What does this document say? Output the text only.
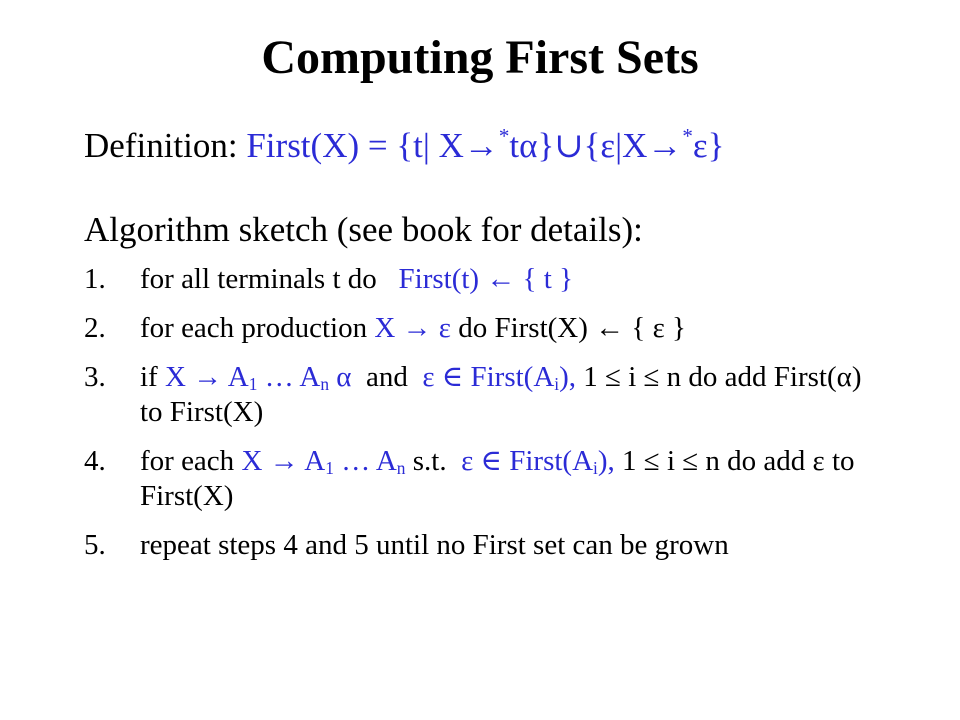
Computing First Sets
Definition: First(X) = {t| X→*tα}∪{ε|X→*ε}
Algorithm sketch (see book for details):
1.	for all terminals t do First(t) ← { t }
2.	for each production X → ε do First(X) ← { ε }
3.	if $X \to A_1$ … $A_n$ α and ε ∈ $First(A_i)$, 1 ≤ i ≤ n do add First(α) to First(X)
4.	for each $X \to A_1$ … $A_n$ s.t. ε ∈ $First(A_i)$, 1 ≤ i ≤ n do add ε to First(X)
5.	repeat steps 4 and 5 until no First set can be grown
